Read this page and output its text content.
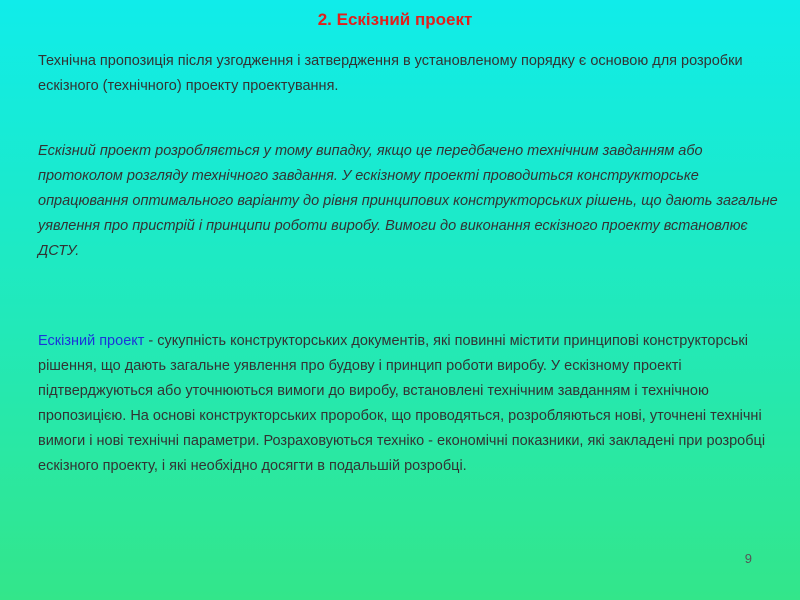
2. Ескізний проект

Технічна пропозиція після узгодження і затвердження в установленому порядку є основою для розробки ескізного (технічного) проекту проектування.

Ескізний проект розробляється у тому випадку, якщо це передбачено технічним завданням або протоколом розгляду технічного завдання. У ескізному проекті проводиться конструкторське опрацювання оптимального варіанту до рівня принципових конструкторських рішень, що дають загальне уявлення про пристрій і принципи роботи виробу. Вимоги до виконання ескізного проекту встановлює ДСТУ.

Ескізний проект - сукупність конструкторських документів, які повинні містити принципові конструкторські рішення, що дають загальне уявлення про будову і принцип роботи виробу. У ескізному проекті підтверджуються або уточнюються вимоги до виробу, встановлені технічним завданням і технічною пропозицією. На основі конструкторських проробок, що проводяться, розробляються нові, уточнені технічні вимоги і нові технічні параметри. Розраховуються техніко - економічні показники, які закладені при розробці ескізного проекту, і які необхідно досягти в подальшій розробці.

9
